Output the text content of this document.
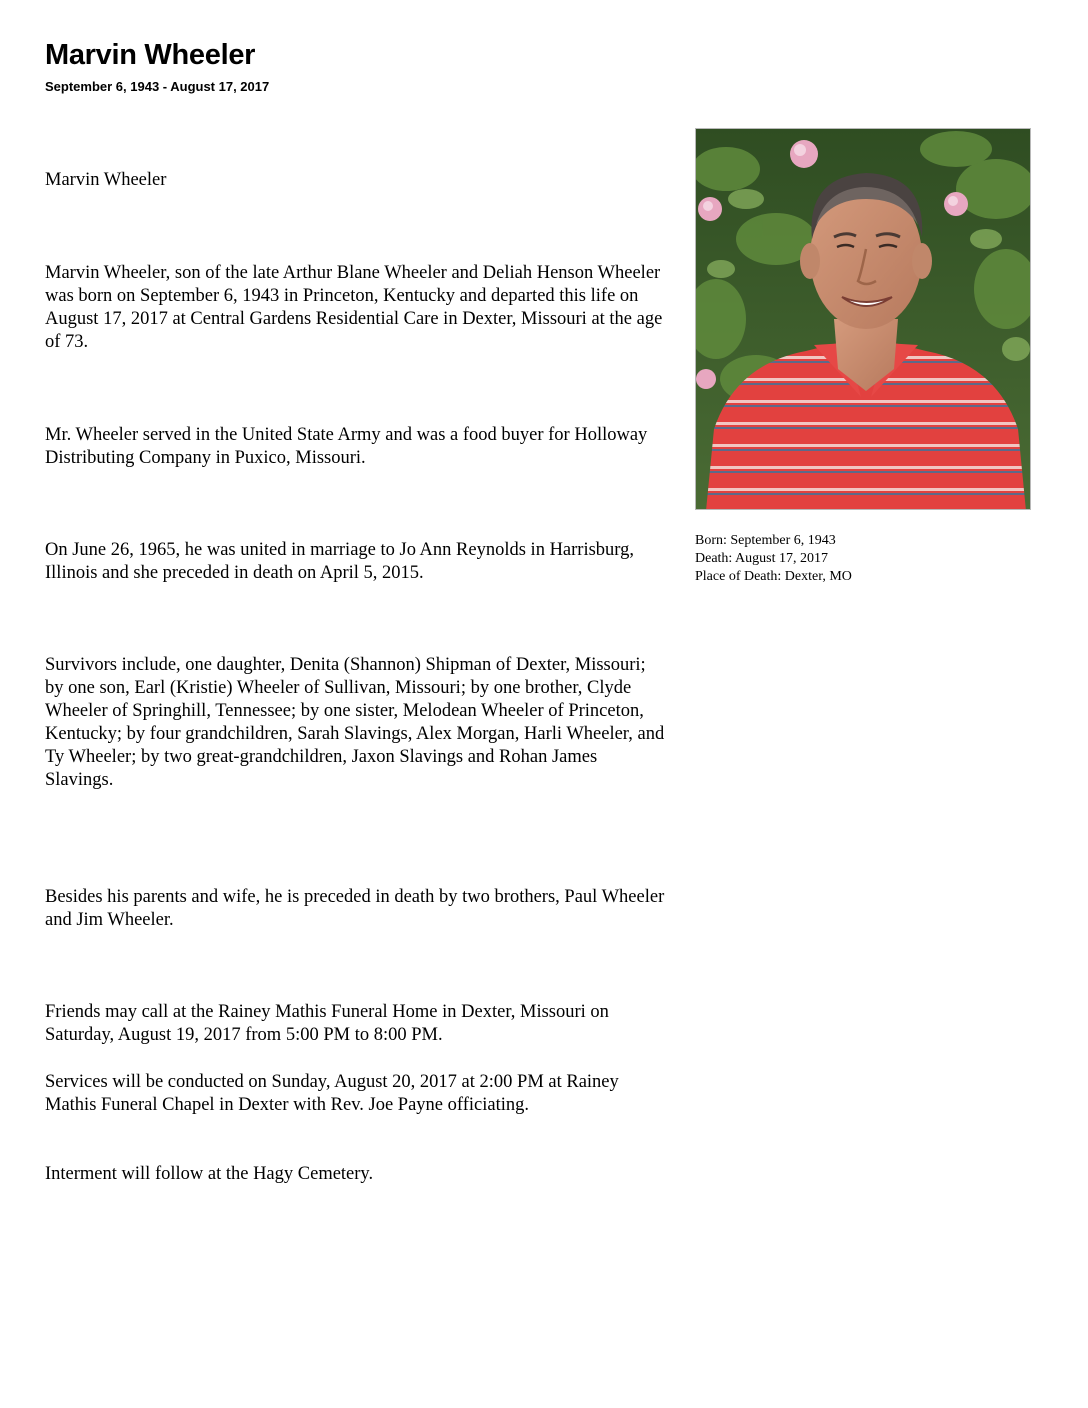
Marvin Wheeler
September 6, 1943 - August 17, 2017

Marvin Wheeler

Marvin Wheeler, son of the late Arthur Blane Wheeler and Deliah Henson Wheeler was born on September 6, 1943 in Princeton, Kentucky and departed this life on August 17, 2017 at Central Gardens Residential Care in Dexter, Missouri at the age of 73.

Mr. Wheeler served in the United State Army and was a food buyer for Holloway Distributing Company in Puxico, Missouri.

On June 26, 1965, he was united in marriage to Jo Ann Reynolds in Harrisburg, Illinois and she preceded in death on April 5, 2015.

Survivors include, one daughter, Denita (Shannon) Shipman of Dexter, Missouri; by one son, Earl (Kristie) Wheeler of Sullivan, Missouri; by one brother, Clyde Wheeler of Springhill, Tennessee; by one sister, Melodean Wheeler of Princeton, Kentucky; by four grandchildren, Sarah Slavings, Alex Morgan, Harli Wheeler, and Ty Wheeler; by two great-grandchildren, Jaxon Slavings and Rohan James Slavings.

Besides his parents and wife, he is preceded in death by two brothers, Paul Wheeler and Jim Wheeler.

Friends may call at the Rainey Mathis Funeral Home in Dexter, Missouri on Saturday, August 19, 2017 from 5:00 PM to 8:00 PM.

Services will be conducted on Sunday, August 20, 2017 at 2:00 PM at Rainey Mathis Funeral Chapel in Dexter with Rev. Joe Payne officiating.

Interment will follow at the Hagy Cemetery.

Born: September 6, 1943
Death: August 17, 2017
Place of Death: Dexter, MO
